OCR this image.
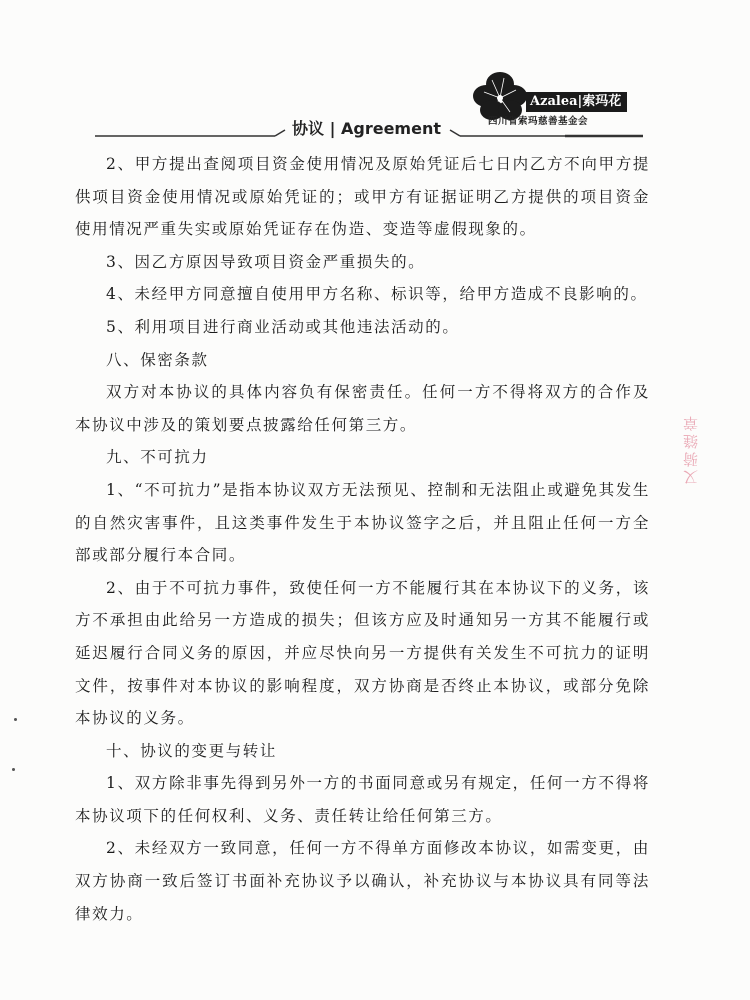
Azalea|索玛花
四川省索玛慈善基金会
协议 | Agreement

2、甲方提出查阅项目资金使用情况及原始凭证后七日内乙方不向甲方提供项目资金使用情况或原始凭证的；或甲方有证据证明乙方提供的项目资金使用情况严重失实或原始凭证存在伪造、变造等虚假现象的。

3、因乙方原因导致项目资金严重损失的。

4、未经甲方同意擅自使用甲方名称、标识等，给甲方造成不良影响的。

5、利用项目进行商业活动或其他违法活动的。

八、保密条款

双方对本协议的具体内容负有保密责任。任何一方不得将双方的合作及本协议中涉及的策划要点披露给任何第三方。

九、不可抗力

1、“不可抗力”是指本协议双方无法预见、控制和无法阻止或避免其发生的自然灾害事件，且这类事件发生于本协议签字之后，并且阻止任何一方全部或部分履行本合同。

2、由于不可抗力事件，致使任何一方不能履行其在本协议下的义务，该方不承担由此给另一方造成的损失；但该方应及时通知另一方其不能履行或延迟履行合同义务的原因，并应尽快向另一方提供有关发生不可抗力的证明文件，按事件对本协议的影响程度，双方协商是否终止本协议，或部分免除本协议的义务。

十、协议的变更与转让

1、双方除非事先得到另外一方的书面同意或另有规定，任何一方不得将本协议项下的任何权利、义务、责任转让给任何第三方。

2、未经双方一致同意，任何一方不得单方面修改本协议，如需变更，由双方协商一致后签订书面补充协议予以确认，补充协议与本协议具有同等法律效力。

又骑缝章
